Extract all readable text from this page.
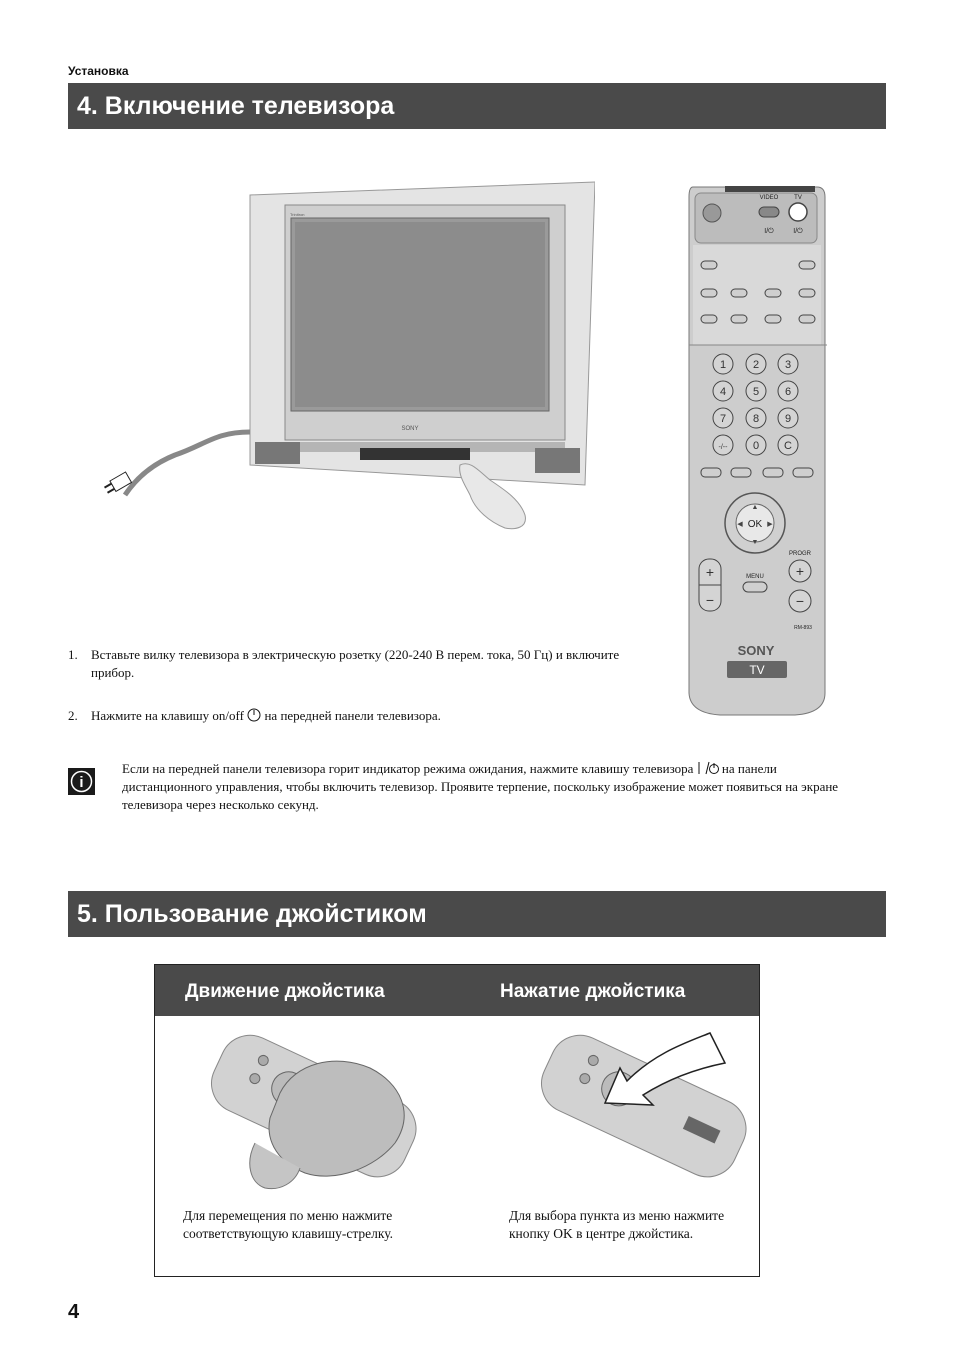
Установка
4. Включение телевизора
Trinitron
SONY
VIDEO	TV
I/⏻	I/⏻
1 2 3
4 5 6
7 8 9
-/-- 0 C
OK
▲
▼
◀	▶
PROGR
+
−
+
−
MENU
RM-893
SONY
TV
1. Вставьте вилку телевизора в электрическую розетку (220-240 В перем. тока, 50 Гц) и включите прибор.
2. Нажмите на клавишу on/off на передней панели телевизора.
i
Если на передней панели телевизора горит индикатор режима ожидания, нажмите клавишу телевизора на панели дистанционного управления, чтобы включить телевизор. Проявите терпение, поскольку изображение может появиться на экране телевизора через несколько секунд.
5. Пользование джойстиком
Движение джойстика	Нажатие джойстика
Для перемещения по меню нажмите соответствующую клавишу-стрелку.
Для выбора пункта из меню нажмите кнопку OK в центре джойстика.
4
